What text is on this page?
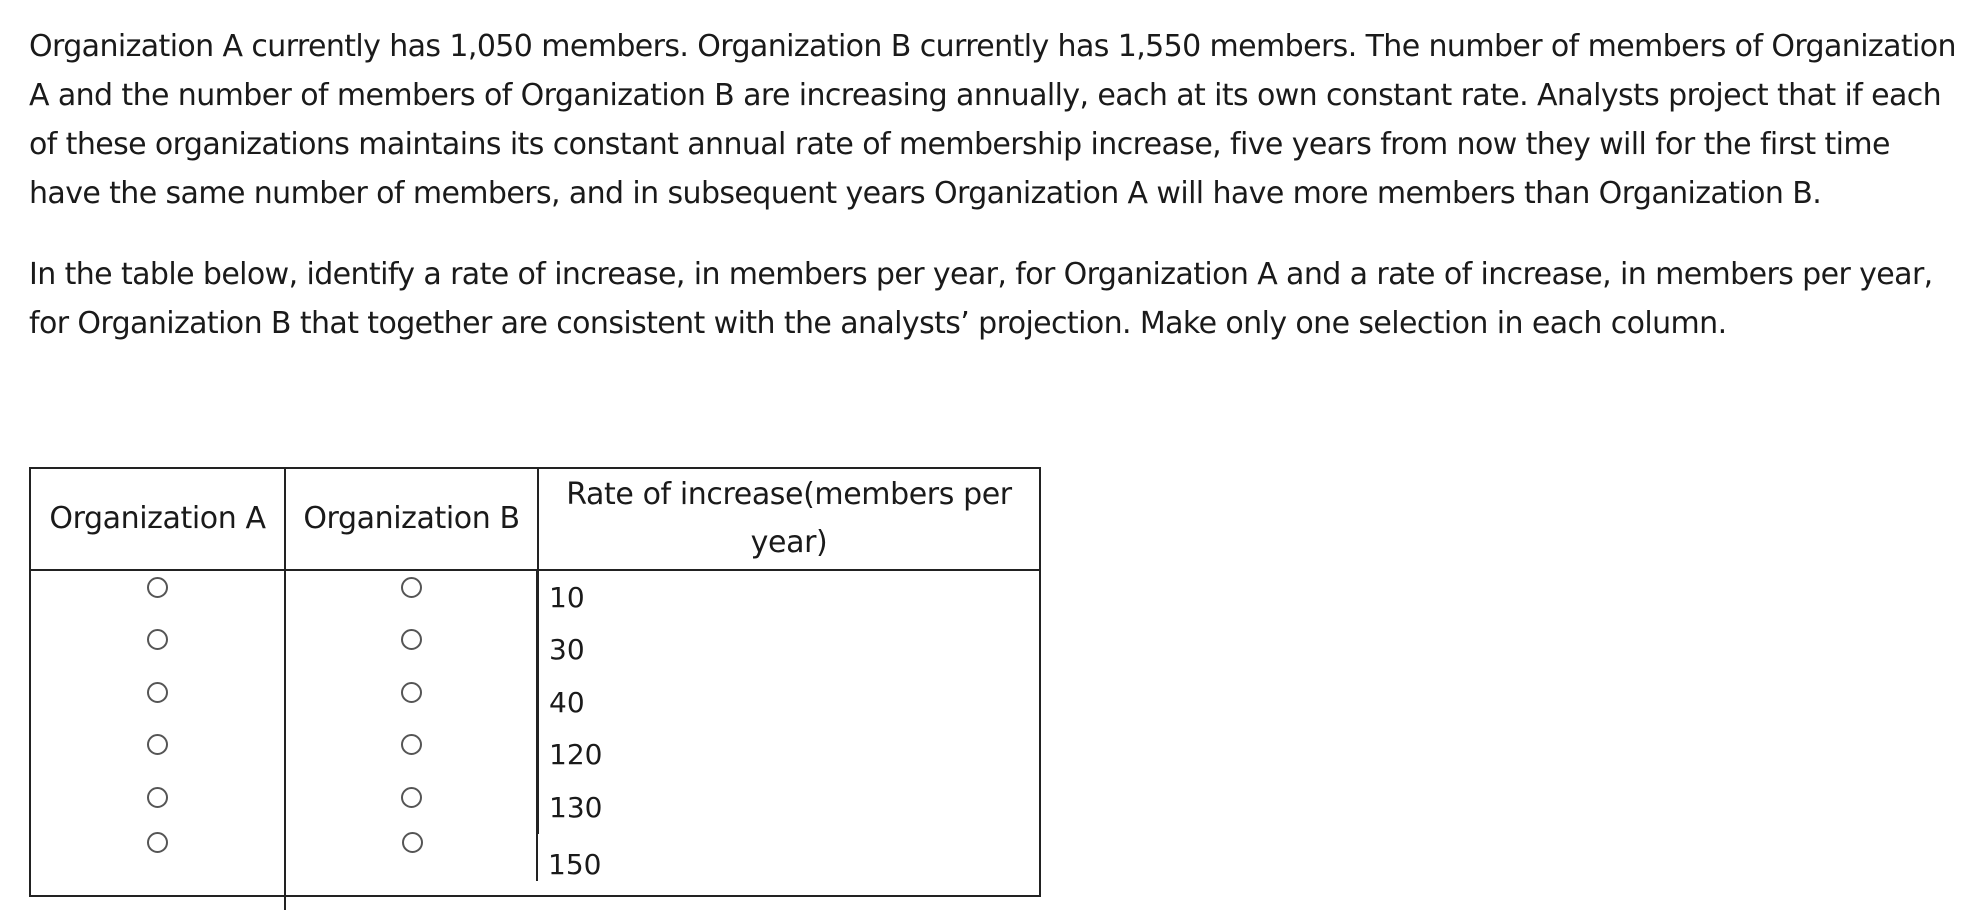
Organization A currently has 1,050 members. Organization B currently has 1,550 members. The number of members of Organization A and the number of members of Organization B are increasing annually, each at its own constant rate. Analysts project that if each of these organizations maintains its constant annual rate of membership increase, five years from now they will for the first time have the same number of members, and in subsequent years Organization A will have more members than Organization B.

In the table below, identify a rate of increase, in members per year, for Organization A and a rate of increase, in members per year, for Organization B that together are consistent with the analysts’ projection. Make only one selection in each column.

Organization A	Organization B	Rate of increase(members per year)
		10
		30
		40
		120
		130
		150
